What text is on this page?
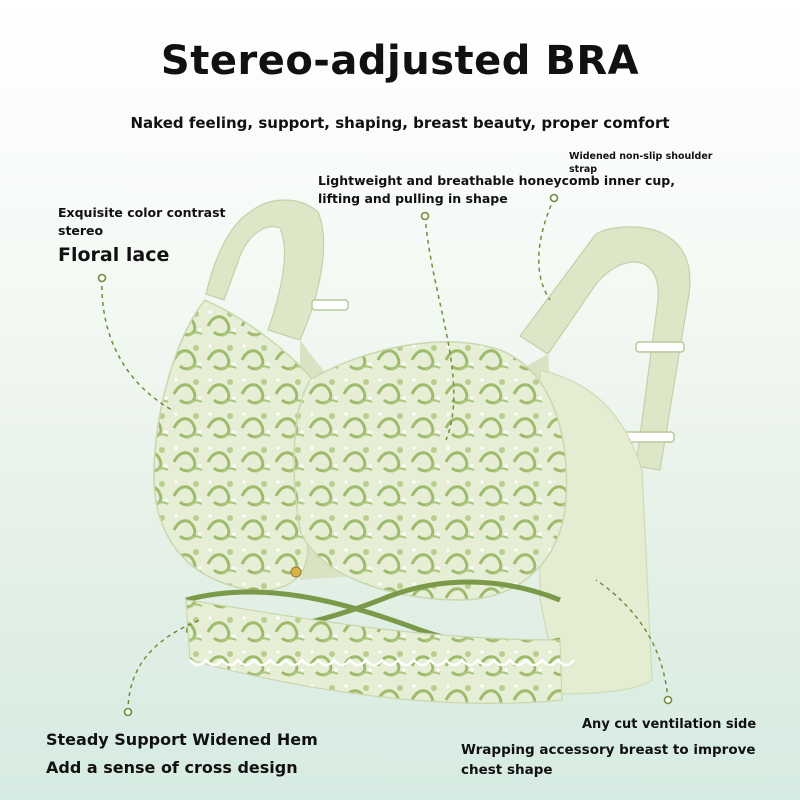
Stereo-adjusted BRA

Naked feeling, support, shaping, breast beauty, proper comfort

Widened non-slip shoulder
strap
Lightweight and breathable honeycomb inner cup,
lifting and pulling in shape
Exquisite color contrast
stereo
Floral lace
Steady Support Widened Hem
Add a sense of cross design
Any cut ventilation side
Wrapping accessory breast to improve
chest shape
